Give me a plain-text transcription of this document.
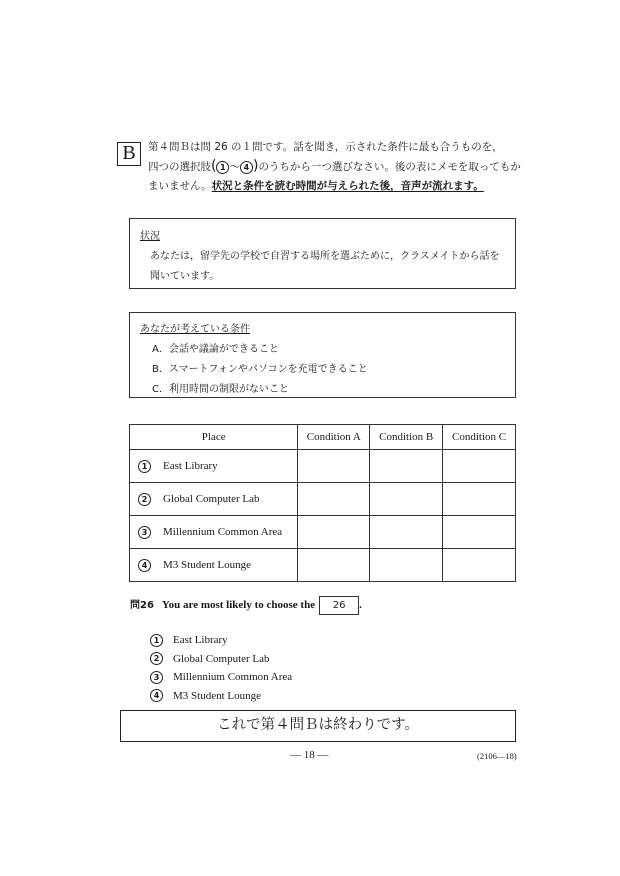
B	第４問Ｂは問 26 の１問です。話を聞き，示された条件に最も合うものを，
四つの選択肢( 1 ～ 4 )のうちから一つ選びなさい。後の表にメモを取ってもか
まいません。状況と条件を読む時間が与えられた後，音声が流れます。
状況
あなたは，留学先の学校で自習する場所を選ぶために，クラスメイトから話を聞いています。
あなたが考えている条件
A．会話や議論ができること
B．スマートフォンやパソコンを充電できること
C．利用時間の制限がないこと
Place	Condition A	Condition B	Condition C
1 East Library			
2 Global Computer Lab			
3 Millennium Common Area			
4 M3 Student Lounge			
問26 You are most likely to choose the 26 .
1 East Library
2 Global Computer Lab
3 Millennium Common Area
4 M3 Student Lounge
これで第４問Ｂは終わりです。
— 18 —	(2106—18)
